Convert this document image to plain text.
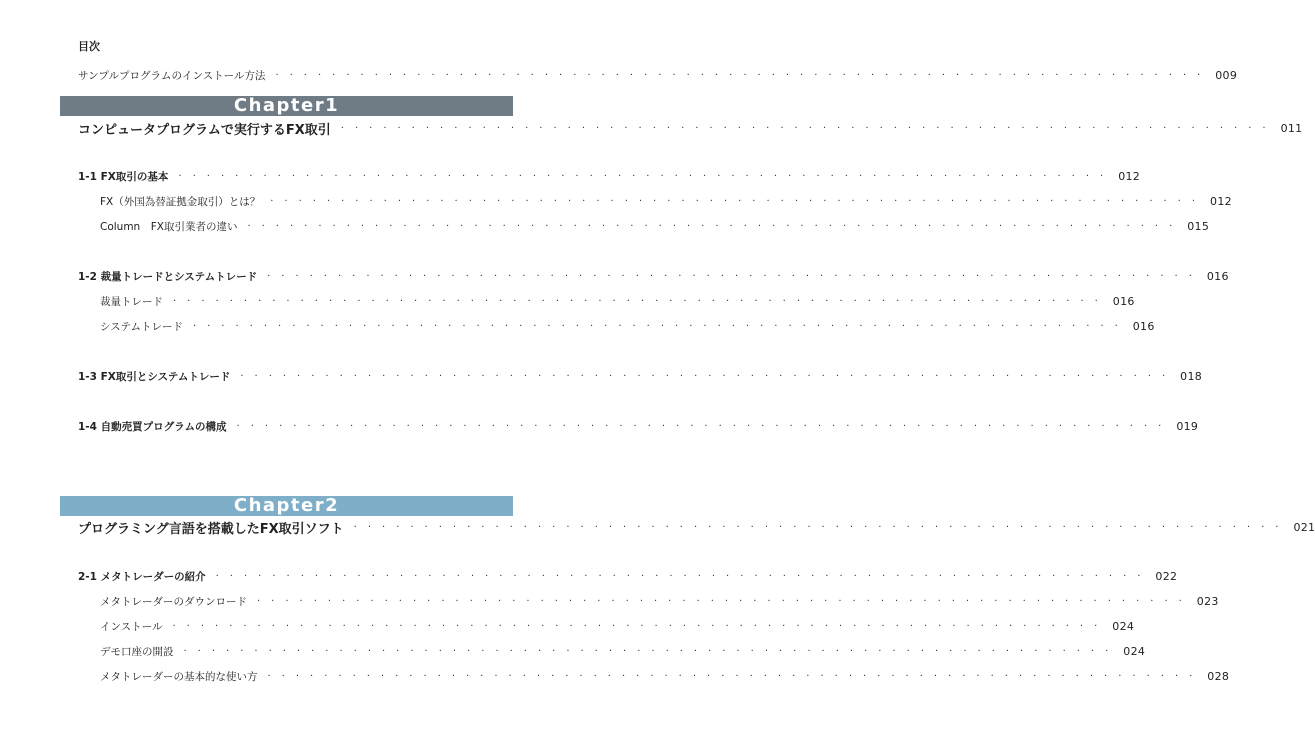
目次
サンプルプログラムのインストール方法	·································································· 009
Chapter1
コンピュータプログラムで実行するFX取引	·································································· 011
1-1 FX取引の基本	·································································· 012
FX（外国為替証拠金取引）とは？	·································································· 012
Column　FX取引業者の違い	·································································· 015
1-2 裁量トレードとシステムトレード	·································································· 016
裁量トレード	·································································· 016
システムトレード	·································································· 016
1-3 FX取引とシステムトレード	·································································· 018
1-4 自動売買プログラムの構成	·································································· 019
Chapter2
プログラミング言語を搭載したFX取引ソフト	·································································· 021
2-1 メタトレーダーの紹介	·································································· 022
メタトレーダーのダウンロード	·································································· 023
インストール	·································································· 024
デモ口座の開設	·································································· 024
メタトレーダーの基本的な使い方	·································································· 028
